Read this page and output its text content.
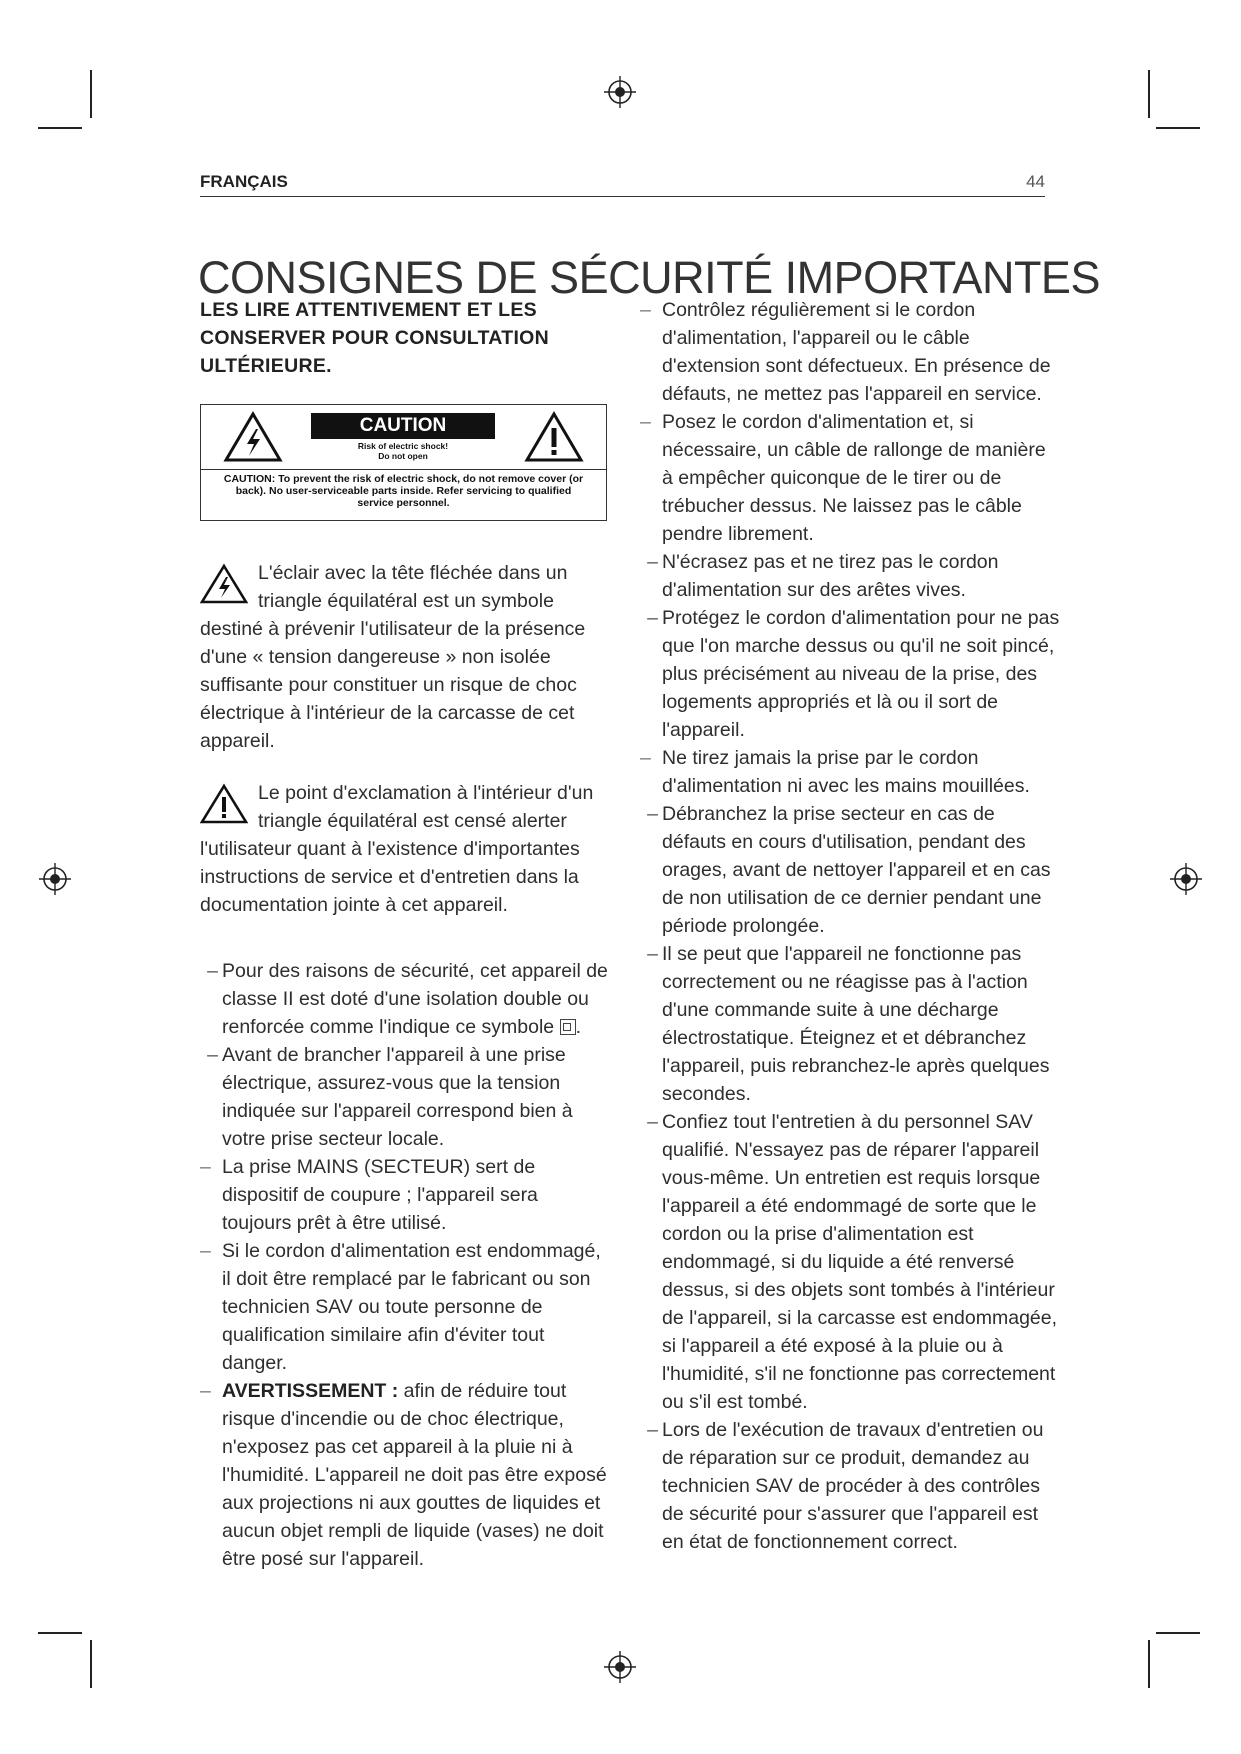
FRANÇAIS	44
CONSIGNES DE SÉCURITÉ IMPORTANTES

LES LIRE ATTENTIVEMENT ET LES CONSERVER POUR CONSULTATION ULTÉRIEURE.

CAUTION
Risk of electric shock!
Do not open
CAUTION: To prevent the risk of electric shock, do not remove cover (or back). No user-serviceable parts inside. Refer servicing to qualified service personnel.
L'éclair avec la tête fléchée dans un triangle équilatéral est un symbole destiné à prévenir l'utilisateur de la présence d'une « tension dangereuse » non isolée suffisante pour constituer un risque de choc électrique à l'intérieur de la carcasse de cet appareil.
Le point d'exclamation à l'intérieur d'un triangle équilatéral est censé alerter l'utilisateur quant à l'existence d'importantes instructions de service et d'entretien dans la documentation jointe à cet appareil.

– Pour des raisons de sécurité, cet appareil de classe II est doté d'une isolation double ou renforcée comme l'indique ce symbole .

– Avant de brancher l'appareil à une prise électrique, assurez-vous que la tension indiquée sur l'appareil correspond bien à votre prise secteur locale.

– La prise MAINS (SECTEUR) sert de dispositif de coupure ; l'appareil sera toujours prêt à être utilisé.

– Si le cordon d'alimentation est endommagé, il doit être remplacé par le fabricant ou son technicien SAV ou toute personne de qualification similaire afin d'éviter tout danger.

– AVERTISSEMENT : afin de réduire tout risque d'incendie ou de choc électrique, n'exposez pas cet appareil à la pluie ni à l'humidité. L'appareil ne doit pas être exposé aux projections ni aux gouttes de liquides et aucun objet rempli de liquide (vases) ne doit être posé sur l'appareil.

– Contrôlez régulièrement si le cordon d'alimentation, l'appareil ou le câble d'extension sont défectueux. En présence de défauts, ne mettez pas l'appareil en service.

– Posez le cordon d'alimentation et, si nécessaire, un câble de rallonge de manière à empêcher quiconque de le tirer ou de trébucher dessus. Ne laissez pas le câble pendre librement.

– N'écrasez pas et ne tirez pas le cordon d'alimentation sur des arêtes vives.

– Protégez le cordon d'alimentation pour ne pas que l'on marche dessus ou qu'il ne soit pincé, plus précisément au niveau de la prise, des logements appropriés et là ou il sort de l'appareil.

– Ne tirez jamais la prise par le cordon d'alimentation ni avec les mains mouillées.

– Débranchez la prise secteur en cas de défauts en cours d'utilisation, pendant des orages, avant de nettoyer l'appareil et en cas de non utilisation de ce dernier pendant une période prolongée.

– Il se peut que l'appareil ne fonctionne pas correctement ou ne réagisse pas à l'action d'une commande suite à une décharge électrostatique. Éteignez et et débranchez l'appareil, puis rebranchez-le après quelques secondes.

– Confiez tout l'entretien à du personnel SAV qualifié. N'essayez pas de réparer l'appareil vous-même. Un entretien est requis lorsque l'appareil a été endommagé de sorte que le cordon ou la prise d'alimentation est endommagé, si du liquide a été renversé dessus, si des objets sont tombés à l'intérieur de l'appareil, si la carcasse est endommagée, si l'appareil a été exposé à la pluie ou à l'humidité, s'il ne fonctionne pas correctement ou s'il est tombé.

– Lors de l'exécution de travaux d'entretien ou de réparation sur ce produit, demandez au technicien SAV de procéder à des contrôles de sécurité pour s'assurer que l'appareil est en état de fonctionnement correct.
